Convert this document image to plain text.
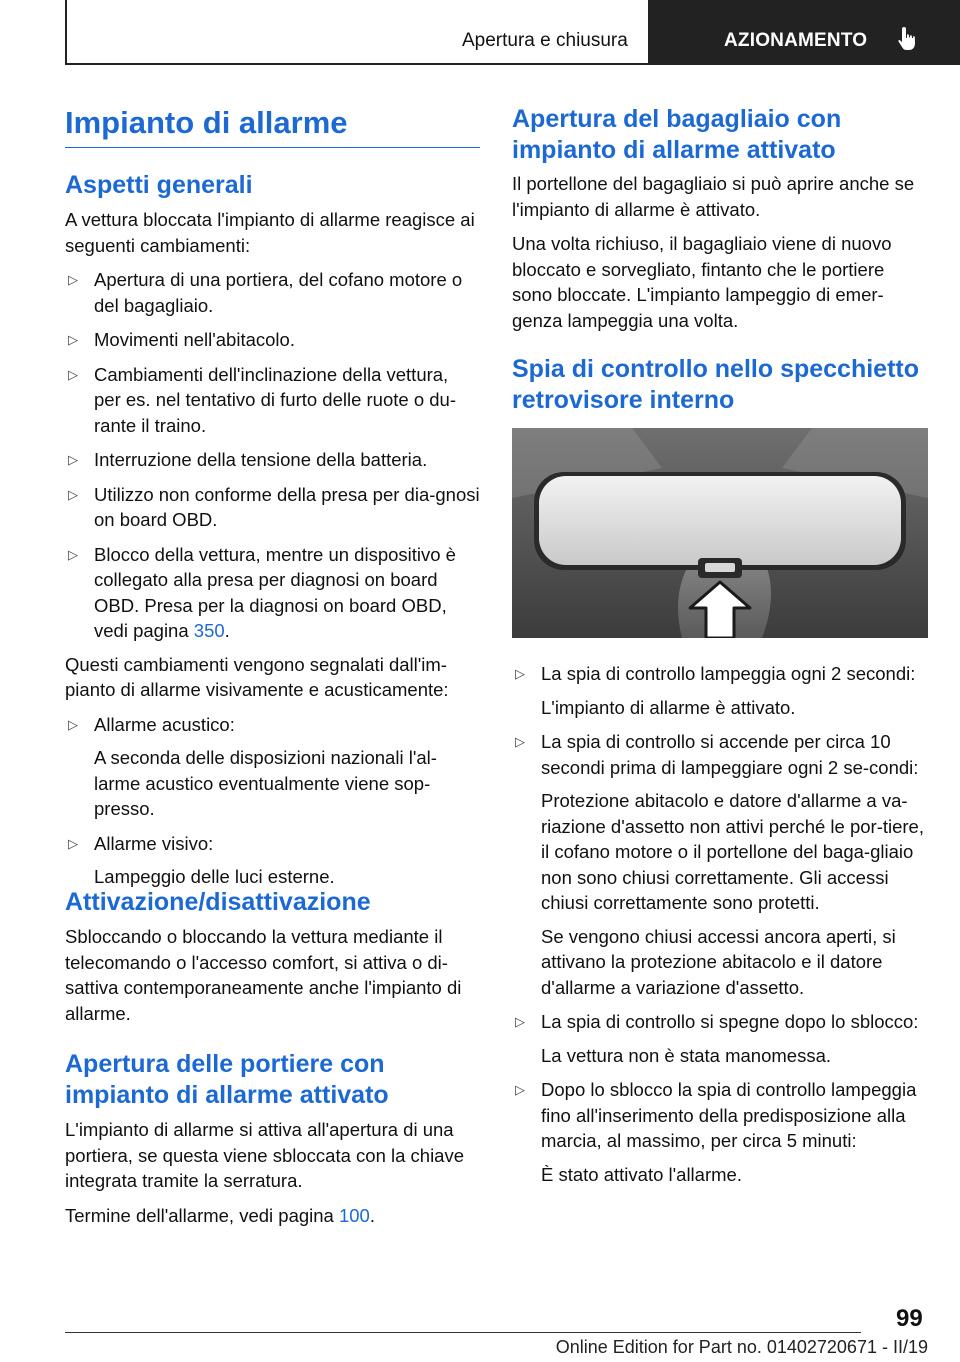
Apertura e chiusura	AZIONAMENTO
Impianto di allarme
Aspetti generali

A vettura bloccata l'impianto di allarme reagisce ai seguenti cambiamenti:

▷ Apertura di una portiera, del cofano motore o del bagagliaio.
▷ Movimenti nell'abitacolo.
▷ Cambiamenti dell'inclinazione della vettura, per es. nel tentativo di furto delle ruote o du-rante il traino.
▷ Interruzione della tensione della batteria.
▷ Utilizzo non conforme della presa per dia-gnosi on board OBD.
▷ Blocco della vettura, mentre un dispositivo è collegato alla presa per diagnosi on board OBD. Presa per la diagnosi on board OBD, vedi pagina 350.

Questi cambiamenti vengono segnalati dall'im-pianto di allarme visivamente e acusticamente:

▷ Allarme acustico:
A seconda delle disposizioni nazionali l'al-larme acustico eventualmente viene sop-presso.
▷ Allarme visivo:
Lampeggio delle luci esterne.
Attivazione/disattivazione

Sbloccando o bloccando la vettura mediante il telecomando o l'accesso comfort, si attiva o di-sattiva contemporaneamente anche l'impianto di allarme.

Apertura delle portiere con impianto di allarme attivato

L'impianto di allarme si attiva all'apertura di una portiera, se questa viene sbloccata con la chiave integrata tramite la serratura.

Termine dell'allarme, vedi pagina 100.

Apertura del bagagliaio con impianto di allarme attivato

Il portellone del bagagliaio si può aprire anche se l'impianto di allarme è attivato.

Una volta richiuso, il bagagliaio viene di nuovo bloccato e sorvegliato, fintanto che le portiere sono bloccate. L'impianto lampeggio di emer-genza lampeggia una volta.

Spia di controllo nello specchietto retrovisore interno
▷ La spia di controllo lampeggia ogni 2 secondi:
L'impianto di allarme è attivato.
▷ La spia di controllo si accende per circa 10 secondi prima di lampeggiare ogni 2 se-condi:
Protezione abitacolo e datore d'allarme a va-riazione d'assetto non attivi perché le por-tiere, il cofano motore o il portellone del baga-gliaio non sono chiusi correttamente. Gli accessi chiusi correttamente sono protetti.
Se vengono chiusi accessi ancora aperti, si attivano la protezione abitacolo e il datore d'allarme a variazione d'assetto.
▷ La spia di controllo si spegne dopo lo sblocco:
La vettura non è stata manomessa.
▷ Dopo lo sblocco la spia di controllo lampeggia fino all'inserimento della predisposizione alla marcia, al massimo, per circa 5 minuti:
È stato attivato l'allarme.
99
Online Edition for Part no. 01402720671 - II/19
